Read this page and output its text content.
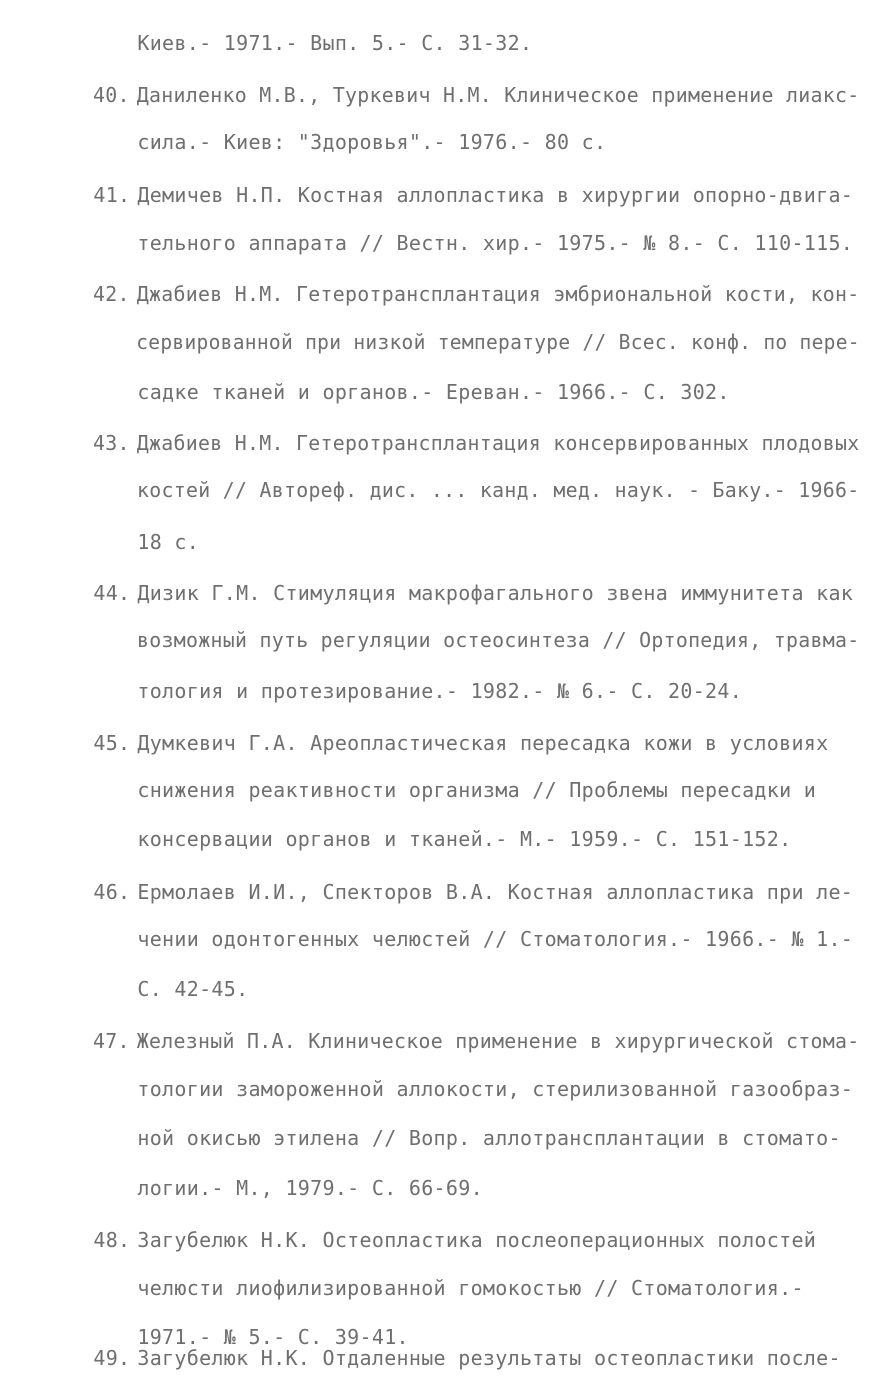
Киев.- 1971.- Вып. 5.- С. 31-32.

40. Даниленко М.В., Туркевич Н.М. Клиническое применение лиакс-

сила.- Киев: "Здоровья".- 1976.- 80 с.

41. Демичев Н.П. Костная аллопластика в хирургии опорно-двига-

тельного аппарата // Вестн. хир.- 1975.- № 8.- С. 110-115.

42. Джабиев Н.М. Гетеротрансплантация эмбриональной кости, кон-

сервированной при низкой температуре // Всес. конф. по пере-

садке тканей и органов.- Ереван.- 1966.- С. 302.

43. Джабиев Н.М. Гетеротрансплантация консервированных плодовых

костей // Автореф. дис. ... канд. мед. наук. - Баку.- 1966-

18 с.

44. Дизик Г.М. Стимуляция макрофагального звена иммунитета как

возможный путь регуляции остеосинтеза // Ортопедия, травма-

тология и протезирование.- 1982.- № 6.- С. 20-24.

45. Думкевич Г.А. Ареопластическая пересадка кожи в условиях

снижения реактивности организма // Проблемы пересадки и

консервации органов и тканей.- М.- 1959.- С. 151-152.

46. Ермолаев И.И., Спекторов В.А. Костная аллопластика при ле-

чении одонтогенных челюстей // Стоматология.- 1966.- № 1.-

С. 42-45.

47. Железный П.А. Клиническое применение в хирургической стома-

тологии замороженной аллокости, стерилизованной газообраз-

ной окисью этилена // Вопр. аллотрансплантации в стомато-

логии.- М., 1979.- С. 66-69.

48. Загубелюк Н.К. Остеопластика послеоперационных полостей

челюсти лиофилизированной гомокостью // Стоматология.-

1971.- № 5.- С. 39-41.

49. Загубелюк Н.К. Отдаленные результаты остеопластики после-
